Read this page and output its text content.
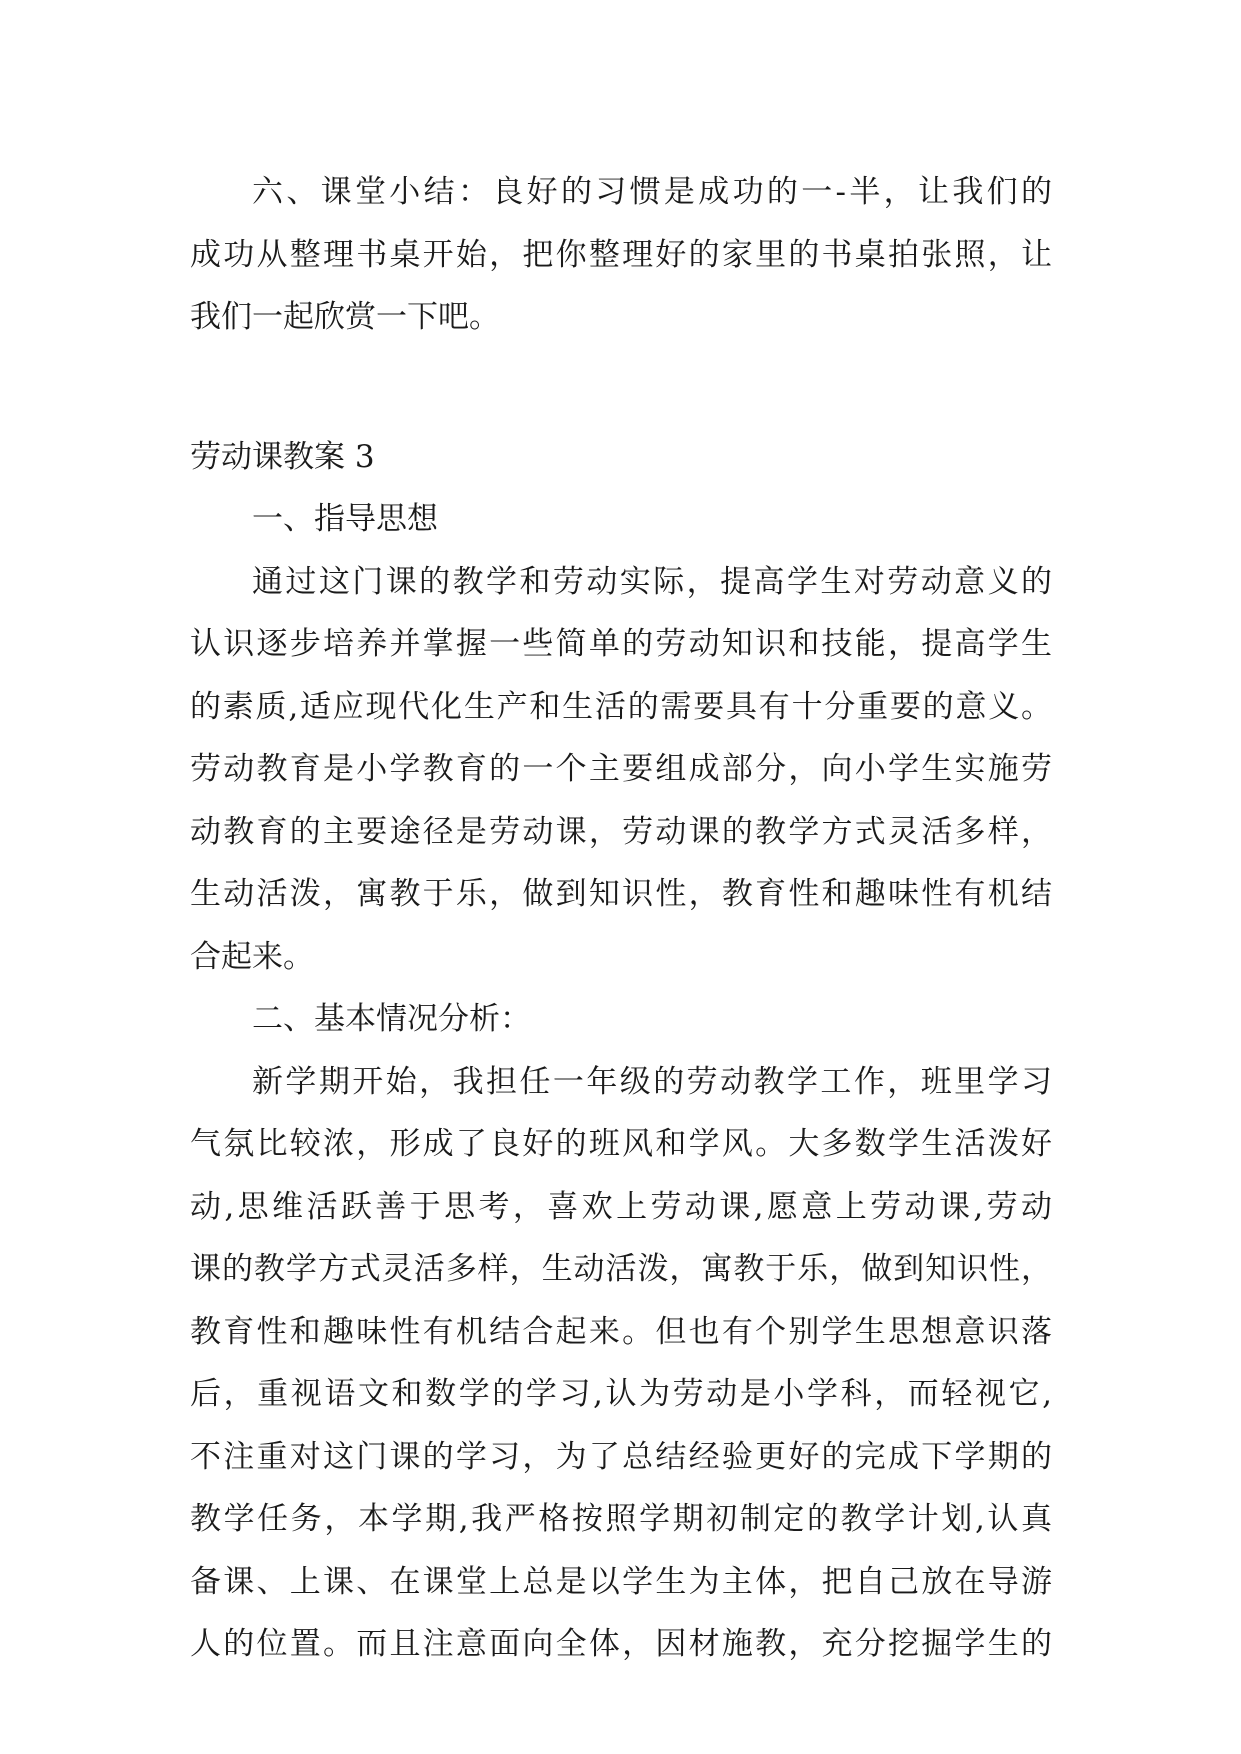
六、课堂小结：良好的习惯是成功的一-半，让我们的
成功从整理书桌开始，把你整理好的家里的书桌拍张照，让
我们一起欣赏一下吧。
劳动课教案 3
一、指导思想
通过这门课的教学和劳动实际，提高学生对劳动意义的
认识逐步培养并掌握一些简单的劳动知识和技能，提高学生
的素质,适应现代化生产和生活的需要具有十分重要的意义。
劳动教育是小学教育的一个主要组成部分，向小学生实施劳
动教育的主要途径是劳动课，劳动课的教学方式灵活多样，
生动活泼，寓教于乐，做到知识性，教育性和趣味性有机结
合起来。
二、基本情况分析：
新学期开始，我担任一年级的劳动教学工作，班里学习
气氛比较浓，形成了良好的班风和学风。大多数学生活泼好
动,思维活跃善于思考，喜欢上劳动课,愿意上劳动课,劳动
课的教学方式灵活多样，生动活泼，寓教于乐，做到知识性，
教育性和趣味性有机结合起来。但也有个别学生思想意识落
后，重视语文和数学的学习,认为劳动是小学科，而轻视它,
不注重对这门课的学习，为了总结经验更好的完成下学期的
教学任务，本学期,我严格按照学期初制定的教学计划,认真
备课、上课、在课堂上总是以学生为主体，把自己放在导游
人的位置。而且注意面向全体，因材施教，充分挖掘学生的
